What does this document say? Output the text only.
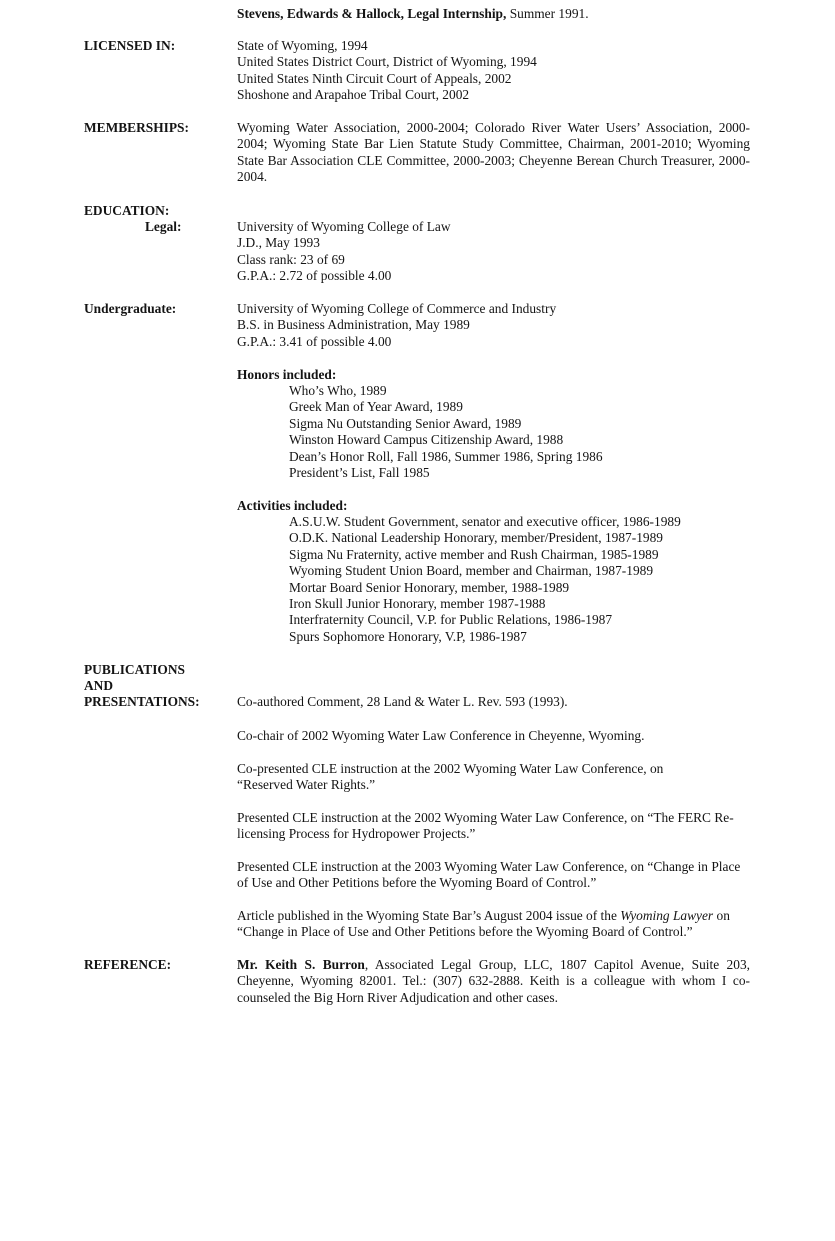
Stevens, Edwards & Hallock, Legal Internship, Summer 1991.
LICENSED IN:	State of Wyoming, 1994
United States District Court, District of Wyoming, 1994
United States Ninth Circuit Court of Appeals, 2002
Shoshone and Arapahoe Tribal Court, 2002
MEMBERSHIPS:	Wyoming Water Association, 2000-2004; Colorado River Water Users’ Association, 2000-2004; Wyoming State Bar Lien Statute Study Committee, Chairman, 2001-2010; Wyoming State Bar Association CLE Committee, 2000-2003; Cheyenne Berean Church Treasurer, 2000-2004.
EDUCATION:
Legal:	University of Wyoming College of Law
J.D., May 1993
Class rank: 23 of 69
G.P.A.: 2.72 of possible 4.00
Undergraduate:	University of Wyoming College of Commerce and Industry
B.S. in Business Administration, May 1989
G.P.A.: 3.41 of possible 4.00
Honors included:
Who’s Who, 1989
Greek Man of Year Award, 1989
Sigma Nu Outstanding Senior Award, 1989
Winston Howard Campus Citizenship Award, 1988
Dean’s Honor Roll, Fall 1986, Summer 1986, Spring 1986
President’s List, Fall 1985
Activities included:
A.S.U.W. Student Government, senator and executive officer, 1986-1989
O.D.K. National Leadership Honorary, member/President, 1987-1989
Sigma Nu Fraternity, active member and Rush Chairman, 1985-1989
Wyoming Student Union Board, member and Chairman, 1987-1989
Mortar Board Senior Honorary, member, 1988-1989
Iron Skull Junior Honorary, member 1987-1988
Interfraternity Council, V.P. for Public Relations, 1986-1987
Spurs Sophomore Honorary, V.P, 1986-1987
PUBLICATIONS
AND
PRESENTATIONS:	Co-authored Comment, 28 Land & Water L. Rev. 593 (1993).
Co-chair of 2002 Wyoming Water Law Conference in Cheyenne, Wyoming.
Co-presented CLE instruction at the 2002 Wyoming Water Law Conference, on “Reserved Water Rights.”
Presented CLE instruction at the 2002 Wyoming Water Law Conference, on “The FERC Re-licensing Process for Hydropower Projects.”
Presented CLE instruction at the 2003 Wyoming Water Law Conference, on “Change in Place of Use and Other Petitions before the Wyoming Board of Control.”
Article published in the Wyoming State Bar’s August 2004 issue of the Wyoming Lawyer on “Change in Place of Use and Other Petitions before the Wyoming Board of Control.”
REFERENCE:	Mr. Keith S. Burron, Associated Legal Group, LLC, 1807 Capitol Avenue, Suite 203, Cheyenne, Wyoming 82001. Tel.: (307) 632-2888. Keith is a colleague with whom I co-counseled the Big Horn River Adjudication and other cases.
